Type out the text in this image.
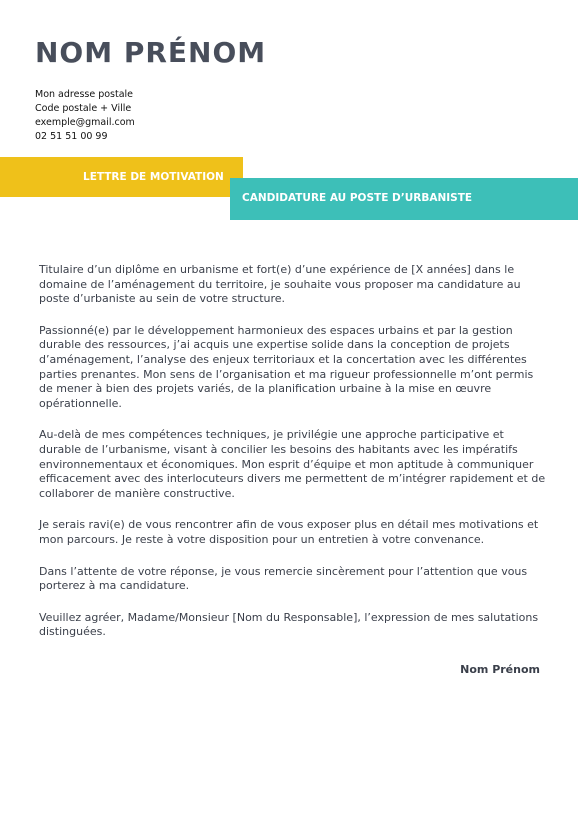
NOM PRÉNOM
Mon adresse postale
Code postale + Ville
exemple@gmail.com
02 51 51 00 99
LETTRE DE MOTIVATION
CANDIDATURE AU POSTE D’URBANISTE

Titulaire d’un diplôme en urbanisme et fort(e) d’une expérience de [X années] dans le domaine de l’aménagement du territoire, je souhaite vous proposer ma candidature au poste d’urbaniste au sein de votre structure.

Passionné(e) par le développement harmonieux des espaces urbains et par la gestion durable des ressources, j’ai acquis une expertise solide dans la conception de projets d’aménagement, l’analyse des enjeux territoriaux et la concertation avec les différentes parties prenantes. Mon sens de l’organisation et ma rigueur professionnelle m’ont permis de mener à bien des projets variés, de la planification urbaine à la mise en œuvre opérationnelle.

Au-delà de mes compétences techniques, je privilégie une approche participative et durable de l’urbanisme, visant à concilier les besoins des habitants avec les impératifs environnementaux et économiques. Mon esprit d’équipe et mon aptitude à communiquer efficacement avec des interlocuteurs divers me permettent de m’intégrer rapidement et de collaborer de manière constructive.

Je serais ravi(e) de vous rencontrer afin de vous exposer plus en détail mes motivations et mon parcours. Je reste à votre disposition pour un entretien à votre convenance.

Dans l’attente de votre réponse, je vous remercie sincèrement pour l’attention que vous porterez à ma candidature.

Veuillez agréer, Madame/Monsieur [Nom du Responsable], l’expression de mes salutations distinguées.

Nom Prénom
